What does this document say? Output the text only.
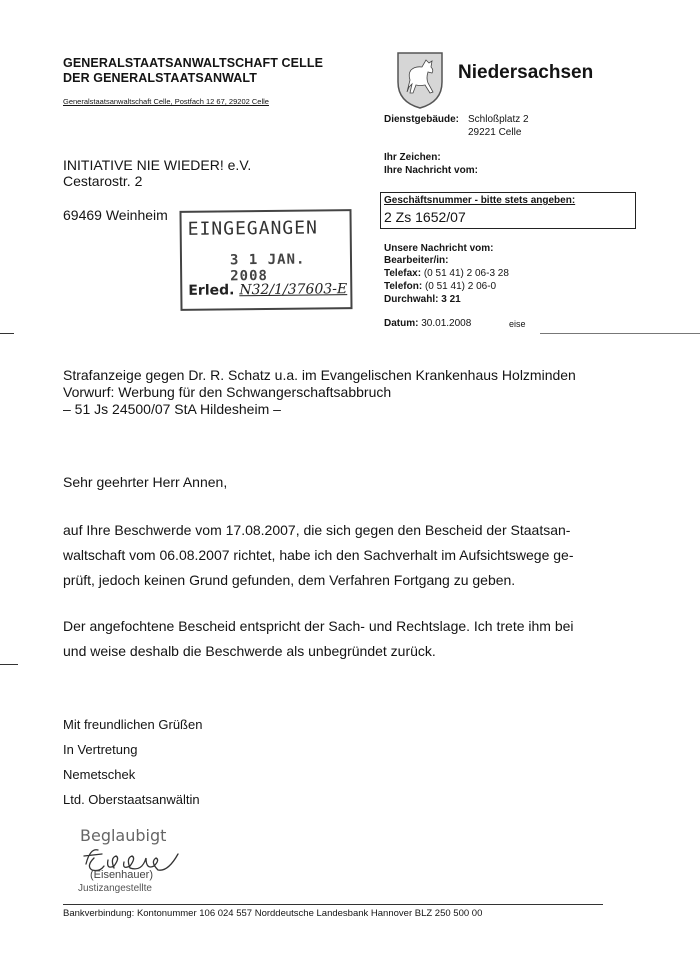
GENERALSTAATSANWALTSCHAFT CELLE
DER GENERALSTAATSANWALT
Generalstaatsanwaltschaft Celle, Postfach 12 67, 29202 Celle
Niedersachsen
Dienstgebäude: Schloßplatz 2
29221 Celle
INITIATIVE NIE WIEDER! e.V.
Cestarostr. 2
69469 Weinheim
EINGEGANGEN
3 1 JAN. 2008
Erled. N32/1/37603-E
Ihr Zeichen:
Ihre Nachricht vom:
Geschäftsnummer - bitte stets angeben:
2 Zs 1652/07
Unsere Nachricht vom:
Bearbeiter/in:
Telefax: (0 51 41) 2 06-3 28
Telefon: (0 51 41) 2 06-0
Durchwahl: 3 21
Datum: 30.01.2008	eise
Strafanzeige gegen Dr. R. Schatz u.a. im Evangelischen Krankenhaus Holzminden
Vorwurf: Werbung für den Schwangerschaftsabbruch
– 51 Js 24500/07 StA Hildesheim –
Sehr geehrter Herr Annen,
auf Ihre Beschwerde vom 17.08.2007, die sich gegen den Bescheid der Staatsan-
waltschaft vom 06.08.2007 richtet, habe ich den Sachverhalt im Aufsichtswege ge-
prüft, jedoch keinen Grund gefunden, dem Verfahren Fortgang zu geben.
Der angefochtene Bescheid entspricht der Sach- und Rechtslage. Ich trete ihm bei
und weise deshalb die Beschwerde als unbegründet zurück.
Mit freundlichen Grüßen
In Vertretung
Nemetschek
Ltd. Oberstaatsanwältin
Beglaubigt
(Eisenhauer)
Justizangestellte
Bankverbindung: Kontonummer 106 024 557 Norddeutsche Landesbank Hannover BLZ 250 500 00
